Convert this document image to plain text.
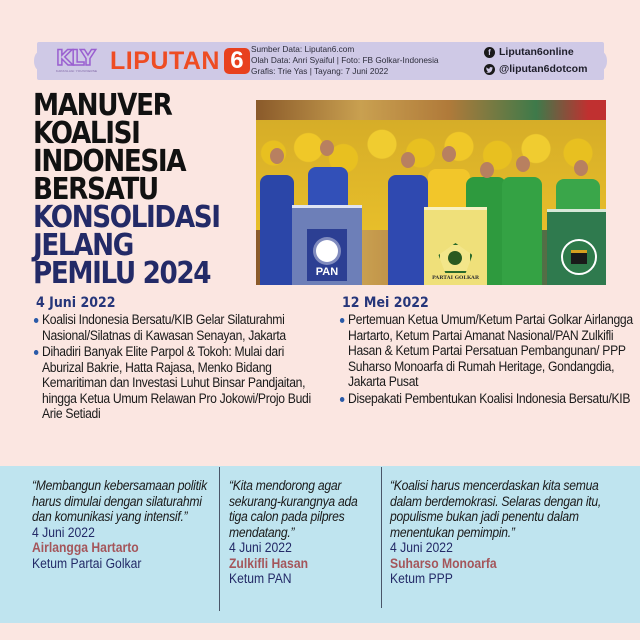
KLY
KAPANLAGI YOUNIVERSE LIPUTAN 6 Sumber Data: Liputan6.com
Olah Data: Anri Syaiful | Foto: FB Golkar-Indonesia
Grafis: Trie Yas | Tayang: 7 Juni 2022
f Liputan6online
@liputan6dotcom
MANUVER
KOALISI
INDONESIA
BERSATU
KONSOLIDASI
JELANG
PEMILU 2024	PAN	PARTAI GOLKAR
4 Juni 2022
Koalisi Indonesia Bersatu/KIB Gelar Silaturahmi Nasional/Silatnas di Kawasan Senayan, Jakarta
Dihadiri Banyak Elite Parpol & Tokoh: Mulai dari Aburizal Bakrie, Hatta Rajasa, Menko Bidang Kemaritiman dan Investasi Luhut Binsar Pandjaitan, hingga Ketua Umum Relawan Pro Jokowi/Projo Budi Arie Setiadi
12 Mei 2022
Pertemuan Ketua Umum/Ketum Partai Golkar Airlangga Hartarto, Ketum Partai Amanat Nasional/PAN Zulkifli Hasan & Ketum Partai Persatuan Pembangunan/ PPP Suharso Monoarfa di Rumah Heritage, Gondangdia, Jakarta Pusat
Disepakati Pembentukan Koalisi Indonesia Bersatu/KIB
“Membangun kebersamaan politik harus dimulai dengan silaturahmi dan komunikasi yang intensif.”
4 Juni 2022
Airlangga Hartarto
Ketum Partai Golkar
“Kita mendorong agar sekurang-kurangnya ada tiga calon pada pilpres mendatang.”
4 Juni 2022
Zulkifli Hasan
Ketum PAN
“Koalisi harus mencerdaskan kita semua dalam berdemokrasi. Selaras dengan itu, populisme bukan jadi penentu dalam menentukan pemimpin.”
4 Juni 2022
Suharso Monoarfa
Ketum PPP
